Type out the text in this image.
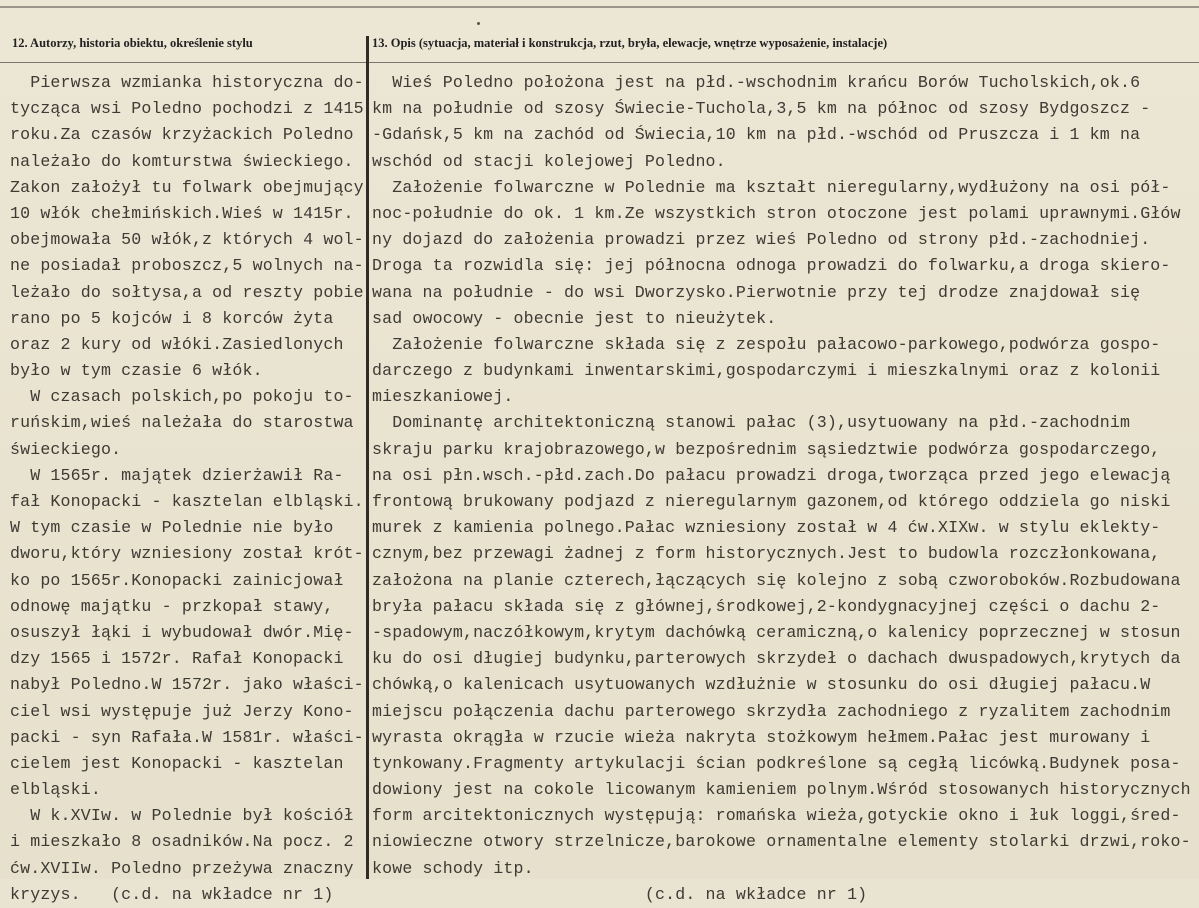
12. Autorzy, historia obiektu, określenie stylu	13. Opis (sytuacja, materiał i konstrukcja, rzut, bryła, elewacje, wnętrze wyposażenie, instalacje)
Pierwsza wzmianka historyczna do-
tycząca wsi Poledno pochodzi z 1415
roku.Za czasów krzyżackich Poledno
należało do komturstwa świeckiego.
Zakon założył tu folwark obejmujący
10 włók chełmińskich.Wieś w 1415r.
obejmowała 50 włók,z których 4 wol-
ne posiadał proboszcz,5 wolnych na-
leżało do sołtysa,a od reszty pobie
rano po 5 kojców i 8 korców żyta
oraz 2 kury od włóki.Zasiedlonych
było w tym czasie 6 włók.
W czasach polskich,po pokoju to-
ruńskim,wieś należała do starostwa
świeckiego.
W 1565r. majątek dzierżawił Ra-
fał Konopacki - kasztelan elbląski.
W tym czasie w Polednie nie było
dworu,który wzniesiony został krót-
ko po 1565r.Konopacki zainicjował
odnowę majątku - przkopał stawy,
osuszył łąki i wybudował dwór.Mię-
dzy 1565 i 1572r. Rafał Konopacki
nabył Poledno.W 1572r. jako właści-
ciel wsi występuje już Jerzy Kono-
packi - syn Rafała.W 1581r. właści-
cielem jest Konopacki - kasztelan
elbląski.
W k.XVIw. w Polednie był kościół
i mieszkało 8 osadników.Na pocz. 2
ćw.XVIIw. Poledno przeżywa znaczny
kryzys.   (c.d. na wkładce nr 1)
Wieś Poledno położona jest na płd.-wschodnim krańcu Borów Tucholskich,ok.6
km na południe od szosy Świecie-Tuchola,3,5 km na północ od szosy Bydgoszcz -
-Gdańsk,5 km na zachód od Świecia,10 km na płd.-wschód od Pruszcza i 1 km na
wschód od stacji kolejowej Poledno.
Założenie folwarczne w Polednie ma kształt nieregularny,wydłużony na osi pół-
noc-południe do ok. 1 km.Ze wszystkich stron otoczone jest polami uprawnymi.Głów
ny dojazd do założenia prowadzi przez wieś Poledno od strony płd.-zachodniej.
Droga ta rozwidla się: jej północna odnoga prowadzi do folwarku,a droga skiero-
wana na południe - do wsi Dworzysko.Pierwotnie przy tej drodze znajdował się
sad owocowy - obecnie jest to nieużytek.
Założenie folwarczne składa się z zespołu pałacowo-parkowego,podwórza gospo-
darczego z budynkami inwentarskimi,gospodarczymi i mieszkalnymi oraz z kolonii
mieszkaniowej.
Dominantę architektoniczną stanowi pałac (3),usytuowany na płd.-zachodnim
skraju parku krajobrazowego,w bezpośrednim sąsiedztwie podwórza gospodarczego,
na osi płn.wsch.-płd.zach.Do pałacu prowadzi droga,tworząca przed jego elewacją
frontową brukowany podjazd z nieregularnym gazonem,od którego oddziela go niski
murek z kamienia polnego.Pałac wzniesiony został w 4 ćw.XIXw. w stylu eklekty-
cznym,bez przewagi żadnej z form historycznych.Jest to budowla rozczłonkowana,
założona na planie czterech,łączących się kolejno z sobą czworoboków.Rozbudowana
bryła pałacu składa się z głównej,środkowej,2-kondygnacyjnej części o dachu 2-
-spadowym,naczółkowym,krytym dachówką ceramiczną,o kalenicy poprzecznej w stosun
ku do osi długiej budynku,parterowych skrzydeł o dachach dwuspadowych,krytych da
chówką,o kalenicach usytuowanych wzdłużnie w stosunku do osi długiej pałacu.W
miejscu połączenia dachu parterowego skrzydła zachodniego z ryzalitem zachodnim
wyrasta okrągła w rzucie wieża nakryta stożkowym hełmem.Pałac jest murowany i
tynkowany.Fragmenty artykulacji ścian podkreślone są cegłą licówką.Budynek posa-
dowiony jest na cokole licowanym kamieniem polnym.Wśród stosowanych historycznych
form arcitektonicznych występują: romańska wieża,gotyckie okno i łuk loggi,śred-
niowieczne otwory strzelnicze,barokowe ornamentalne elementy stolarki drzwi,roko-
kowe schody itp.
(c.d. na wkładce nr 1)
